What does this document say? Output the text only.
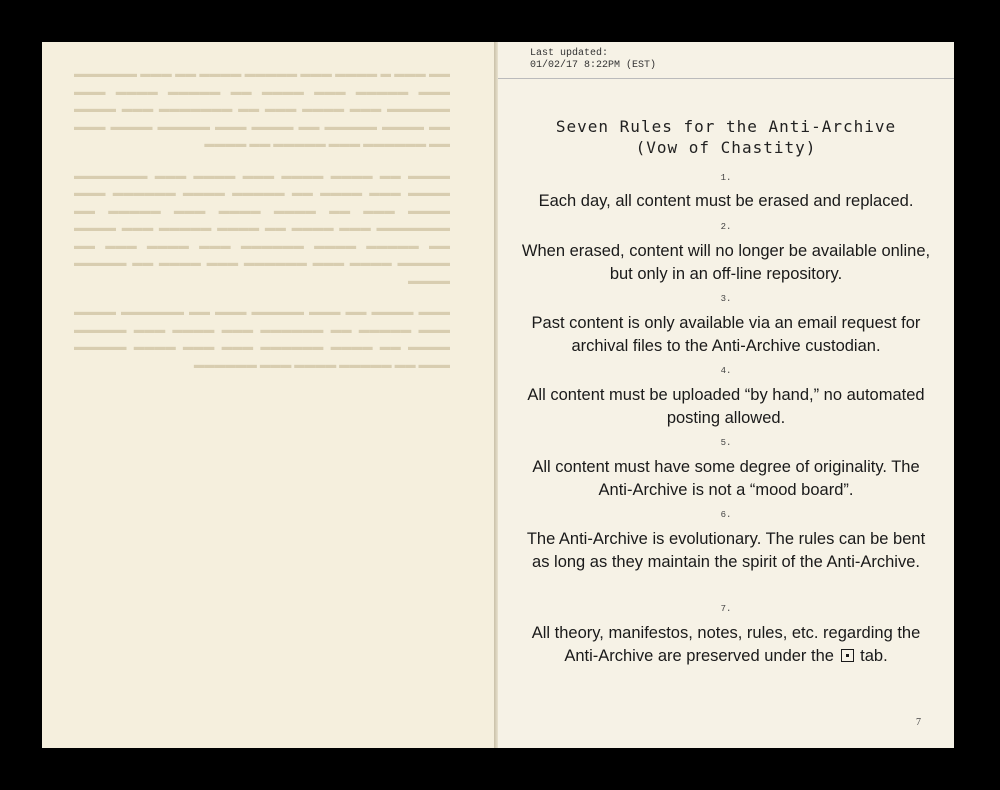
▬▬ ▬▬▬ ▬ ▬▬▬▬ ▬▬▬ ▬▬▬▬▬ ▬▬▬▬ ▬▬ ▬▬▬ ▬▬▬▬▬▬ ▬▬▬ ▬▬▬▬▬ ▬▬▬ ▬▬▬▬ ▬▬ ▬▬▬▬▬ ▬▬▬▬ ▬▬▬ ▬▬▬▬▬▬ ▬▬▬ ▬▬▬▬ ▬▬▬ ▬▬ ▬▬▬▬▬▬▬ ▬▬▬ ▬▬▬▬ ▬▬ ▬▬▬▬ ▬▬▬▬▬ ▬▬ ▬▬▬▬ ▬▬▬ ▬▬▬▬▬ ▬▬▬▬ ▬▬▬ ▬▬ ▬▬▬▬▬▬ ▬▬▬ ▬▬▬▬▬ ▬▬ ▬▬▬▬

▬▬▬▬ ▬▬ ▬▬▬▬ ▬▬▬▬ ▬▬▬ ▬▬▬▬ ▬▬▬ ▬▬▬▬▬▬▬ ▬▬▬▬ ▬▬▬ ▬▬▬▬ ▬▬ ▬▬▬▬▬ ▬▬▬▬ ▬▬▬▬▬▬ ▬▬▬ ▬▬▬▬ ▬▬▬ ▬▬ ▬▬▬▬ ▬▬▬▬ ▬▬▬ ▬▬▬▬▬ ▬▬ ▬▬▬▬▬▬▬ ▬▬▬ ▬▬▬▬ ▬▬ ▬▬▬▬ ▬▬▬▬▬ ▬▬▬ ▬▬▬▬ ▬▬ ▬▬▬▬▬ ▬▬▬▬ ▬▬▬▬▬▬ ▬▬▬ ▬▬▬▬ ▬▬▬ ▬▬ ▬▬▬▬▬ ▬▬▬▬ ▬▬▬ ▬▬▬▬▬▬ ▬▬▬ ▬▬▬▬ ▬▬ ▬▬▬▬▬ ▬▬▬▬

▬▬▬ ▬▬▬▬ ▬▬ ▬▬▬ ▬▬▬▬▬ ▬▬▬ ▬▬ ▬▬▬▬▬▬ ▬▬▬▬ ▬▬▬ ▬▬▬▬▬ ▬▬ ▬▬▬▬▬▬ ▬▬▬ ▬▬▬▬ ▬▬▬ ▬▬▬▬▬ ▬▬▬▬ ▬▬ ▬▬▬▬ ▬▬▬▬▬▬ ▬▬▬ ▬▬▬ ▬▬▬▬ ▬▬▬▬▬ ▬▬▬ ▬▬ ▬▬▬▬▬ ▬▬▬▬ ▬▬▬ ▬▬▬▬▬▬

Last updated:
01/02/17 8:22PM (EST)
Seven Rules for the Anti-Archive
(Vow of Chastity)
1.
Each day, all content must be erased and replaced.
2.
When erased, content will no longer be available online, but only in an off-line repository.
3.
Past content is only available via an email request for archival files to the Anti-Archive custodian.
4.
All content must be uploaded “by hand,” no automated posting allowed.
5.
All content must have some degree of originality. The Anti-Archive is not a “mood board”.
6.
The Anti-Archive is evolutionary. The rules can be bent as long as they maintain the spirit of the Anti-Archive.
7.
All theory, manifestos, notes, rules, etc. regarding the Anti-Archive are preserved under the tab.
7
